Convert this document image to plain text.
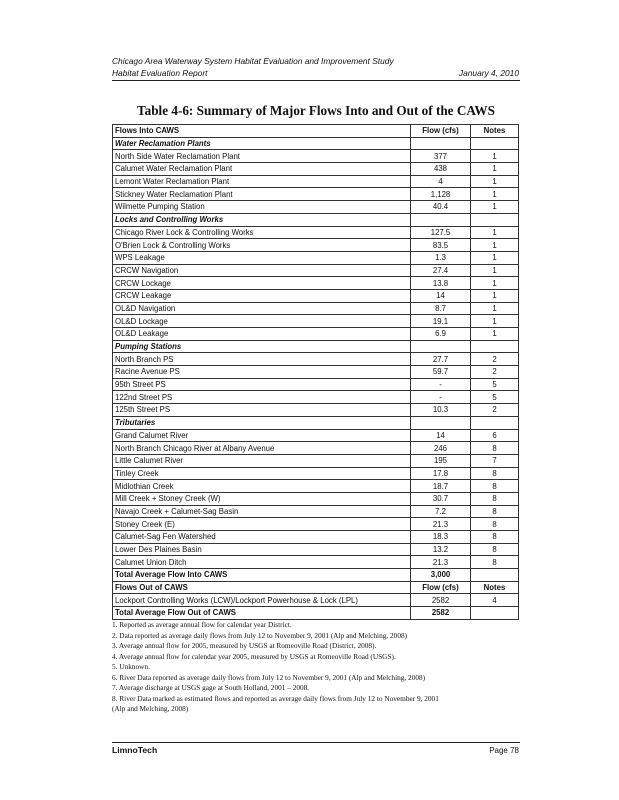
Chicago Area Waterway System Habitat Evaluation and Improvement Study
Habitat Evaluation Report	January 4, 2010
Table 4-6: Summary of Major Flows Into and Out of the CAWS
Flows Into CAWS	Flow (cfs)	Notes
Water Reclamation Plants		
North Side Water Reclamation Plant	377	1
Calumet Water Reclamation Plant	438	1
Lemont Water Reclamation Plant	4	1
Stickney Water Reclamation Plant	1,128	1
Wilmette Pumping Station	40.4	1
Locks and Controlling Works		
Chicago River Lock & Controlling Works	127.5	1
O'Brien Lock & Controlling Works	83.5	1
WPS Leakage	1.3	1
CRCW Navigation	27.4	1
CRCW Lockage	13.8	1
CRCW Leakage	14	1
OL&D Navigation	8.7	1
OL&D Lockage	19.1	1
OL&D Leakage	6.9	1
Pumping Stations		
North Branch PS	27.7	2
Racine Avenue PS	59.7	2
95th Street PS	-	5
122nd Street PS	-	5
125th Street PS	10.3	2
Tributaries		
Grand Calumet River	14	6
North Branch Chicago River at Albany Avenue	246	8
Little Calumet River	195	7
Tinley Creek	17.8	8
Midlothian Creek	18.7	8
Mill Creek + Stoney Creek (W)	30.7	8
Navajo Creek + Calumet-Sag Basin	7.2	8
Stoney Creek (E)	21.3	8
Calumet-Sag Fen Watershed	18.3	8
Lower Des Plaines Basin	13.2	8
Calumet Union Ditch	21.3	8
Total Average Flow Into CAWS	3,000	
Flows Out of CAWS	Flow (cfs)	Notes
Lockport Controlling Works (LCW)/Lockport Powerhouse & Lock (LPL)	2582	4
Total Average Flow Out of CAWS	2582	
1. Reported as average annual flow for calendar year District.
2. Data reported as average daily flows from July 12 to November 9, 2001 (Alp and Melching, 2008)
3. Average annual flow for 2005, measured by USGS at Romeoville Road (District, 2008).
4. Average annual flow for calendar year 2005, measured by USGS at Romeoville Road (USGS).
5. Unknown.
6. River Data reported as average daily flows from July 12 to November 9, 2001 (Alp and Melching, 2008)
7. Average discharge at USGS gage at South Holland, 2001 – 2008.
8. River Data marked as estimated flows and reported as average daily flows from July 12 to November 9, 2001
(Alp and Melching, 2008)
LimnoTech	Page 78
